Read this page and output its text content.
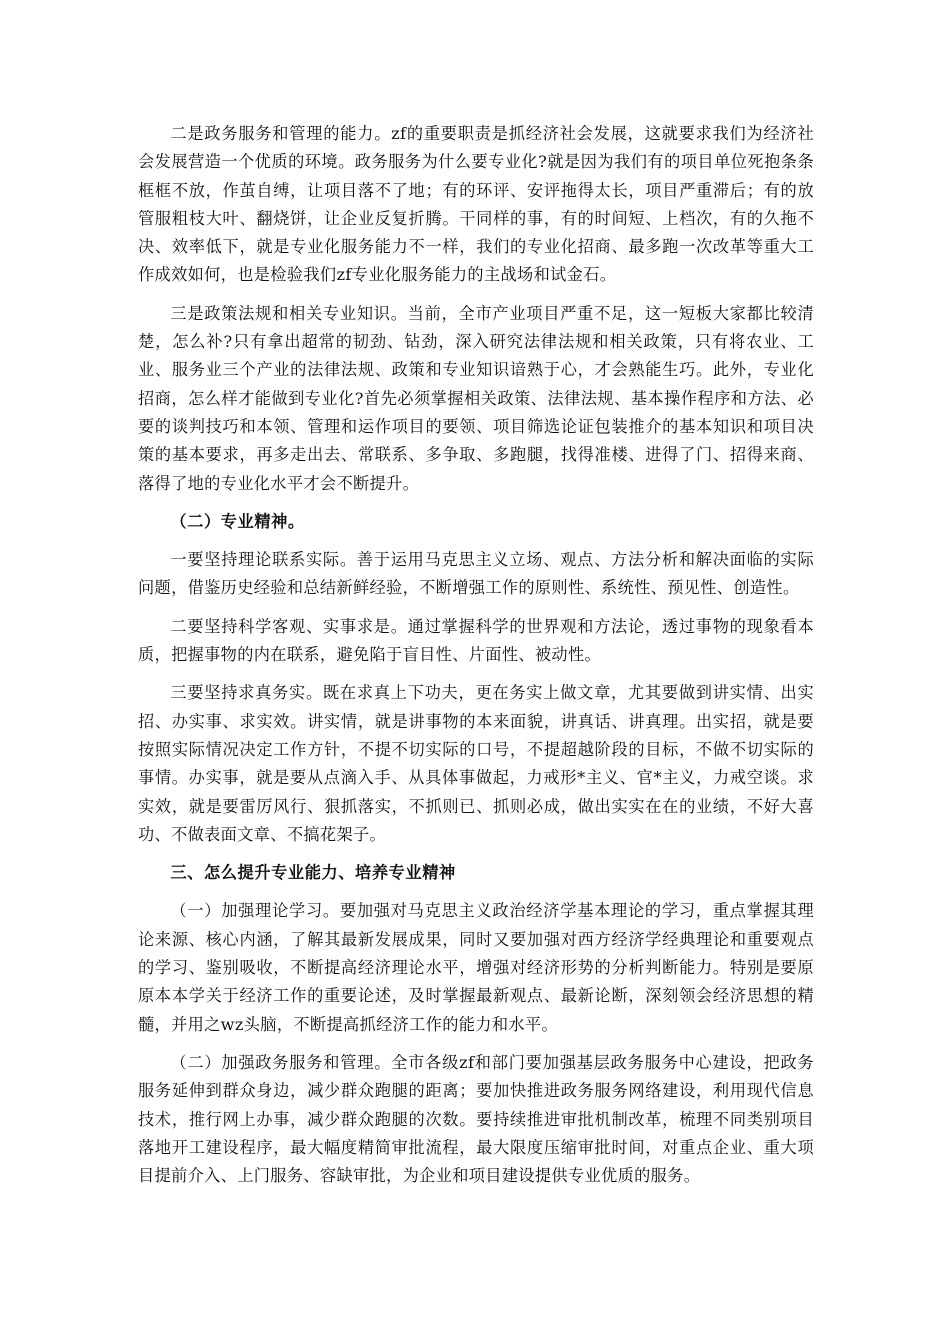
二是政务服务和管理的能力。zf的重要职责是抓经济社会发展，这就要求我们为经济社会发展营造一个优质的环境。政务服务为什么要专业化?就是因为我们有的项目单位死抱条条框框不放，作茧自缚，让项目落不了地；有的环评、安评拖得太长，项目严重滞后；有的放管服粗枝大叶、翻烧饼，让企业反复折腾。干同样的事，有的时间短、上档次，有的久拖不决、效率低下，就是专业化服务能力不一样，我们的专业化招商、最多跑一次改革等重大工作成效如何，也是检验我们zf专业化服务能力的主战场和试金石。

三是政策法规和相关专业知识。当前，全市产业项目严重不足，这一短板大家都比较清楚，怎么补?只有拿出超常的韧劲、钻劲，深入研究法律法规和相关政策，只有将农业、工业、服务业三个产业的法律法规、政策和专业知识谙熟于心，才会熟能生巧。此外，专业化招商，怎么样才能做到专业化?首先必须掌握相关政策、法律法规、基本操作程序和方法、必要的谈判技巧和本领、管理和运作项目的要领、项目筛选论证包装推介的基本知识和项目决策的基本要求，再多走出去、常联系、多争取、多跑腿，找得准楼、进得了门、招得来商、落得了地的专业化水平才会不断提升。

（二）专业精神。

一要坚持理论联系实际。善于运用马克思主义立场、观点、方法分析和解决面临的实际问题，借鉴历史经验和总结新鲜经验，不断增强工作的原则性、系统性、预见性、创造性。

二要坚持科学客观、实事求是。通过掌握科学的世界观和方法论，透过事物的现象看本质，把握事物的内在联系，避免陷于盲目性、片面性、被动性。

三要坚持求真务实。既在求真上下功夫，更在务实上做文章，尤其要做到讲实情、出实招、办实事、求实效。讲实情，就是讲事物的本来面貌，讲真话、讲真理。出实招，就是要按照实际情况决定工作方针，不提不切实际的口号，不提超越阶段的目标，不做不切实际的事情。办实事，就是要从点滴入手、从具体事做起，力戒形*主义、官*主义，力戒空谈。求实效，就是要雷厉风行、狠抓落实，不抓则已、抓则必成，做出实实在在的业绩，不好大喜功、不做表面文章、不搞花架子。

三、怎么提升专业能力、培养专业精神

（一）加强理论学习。要加强对马克思主义政治经济学基本理论的学习，重点掌握其理论来源、核心内涵，了解其最新发展成果，同时又要加强对西方经济学经典理论和重要观点的学习、鉴别吸收，不断提高经济理论水平，增强对经济形势的分析判断能力。特别是要原原本本学关于经济工作的重要论述，及时掌握最新观点、最新论断，深刻领会经济思想的精髓，并用之wz头脑，不断提高抓经济工作的能力和水平。

（二）加强政务服务和管理。全市各级zf和部门要加强基层政务服务中心建设，把政务服务延伸到群众身边，减少群众跑腿的距离；要加快推进政务服务网络建设，利用现代信息技术，推行网上办事，减少群众跑腿的次数。要持续推进审批机制改革，梳理不同类别项目落地开工建设程序，最大幅度精简审批流程，最大限度压缩审批时间，对重点企业、重大项目提前介入、上门服务、容缺审批，为企业和项目建设提供专业优质的服务。
